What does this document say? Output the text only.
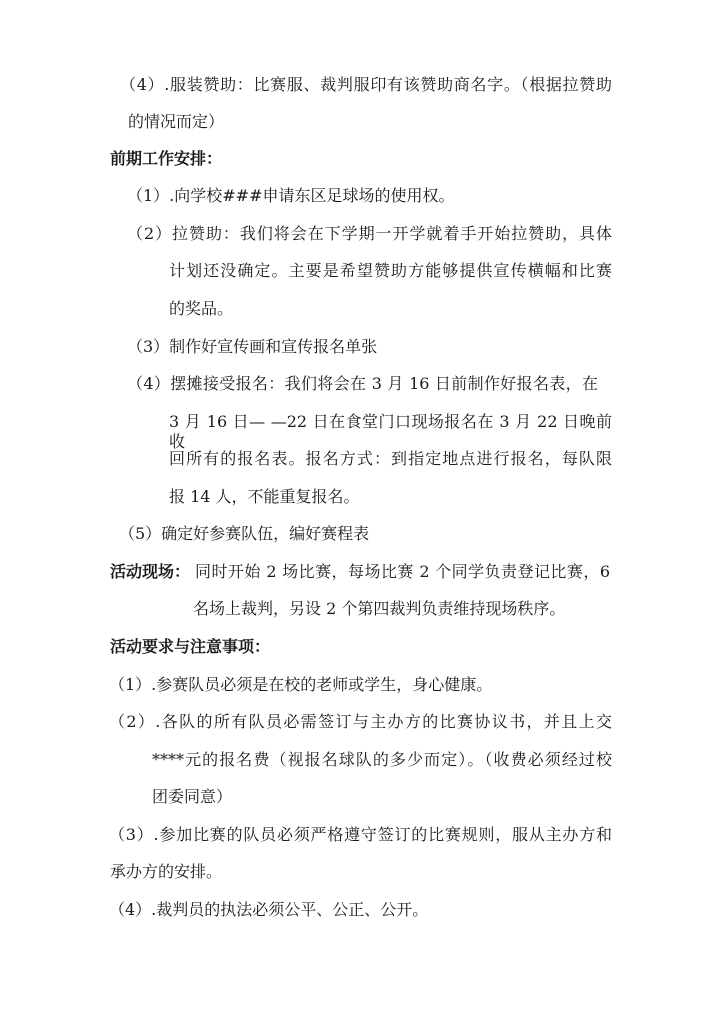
（4）.服装赞助：比赛服、裁判服印有该赞助商名字。（根据拉赞助
的情况而定）
前期工作安排：
（1）.向学校###申请东区足球场的使用权。
（2）拉赞助：我们将会在下学期一开学就着手开始拉赞助，具体
计划还没确定。主要是希望赞助方能够提供宣传横幅和比赛
的奖品。
（3）制作好宣传画和宣传报名单张
（4）摆摊接受报名：我们将会在 3 月 16 日前制作好报名表，在
3 月 16 日— —22 日在食堂门口现场报名在 3 月 22 日晚前收
回所有的报名表。报名方式：到指定地点进行报名，每队限
报 14 人，不能重复报名。
（5）确定好参赛队伍，编好赛程表
活动现场： 同时开始 2 场比赛，每场比赛 2 个同学负责登记比赛，6
名场上裁判，另设 2 个第四裁判负责维持现场秩序。
活动要求与注意事项：
（1）.参赛队员必须是在校的老师或学生，身心健康。
（2）.各队的所有队员必需签订与主办方的比赛协议书，并且上交
****元的报名费（视报名球队的多少而定）。（收费必须经过校
团委同意）
（3）.参加比赛的队员必须严格遵守签订的比赛规则，服从主办方和
承办方的安排。
（4）.裁判员的执法必须公平、公正、公开。
